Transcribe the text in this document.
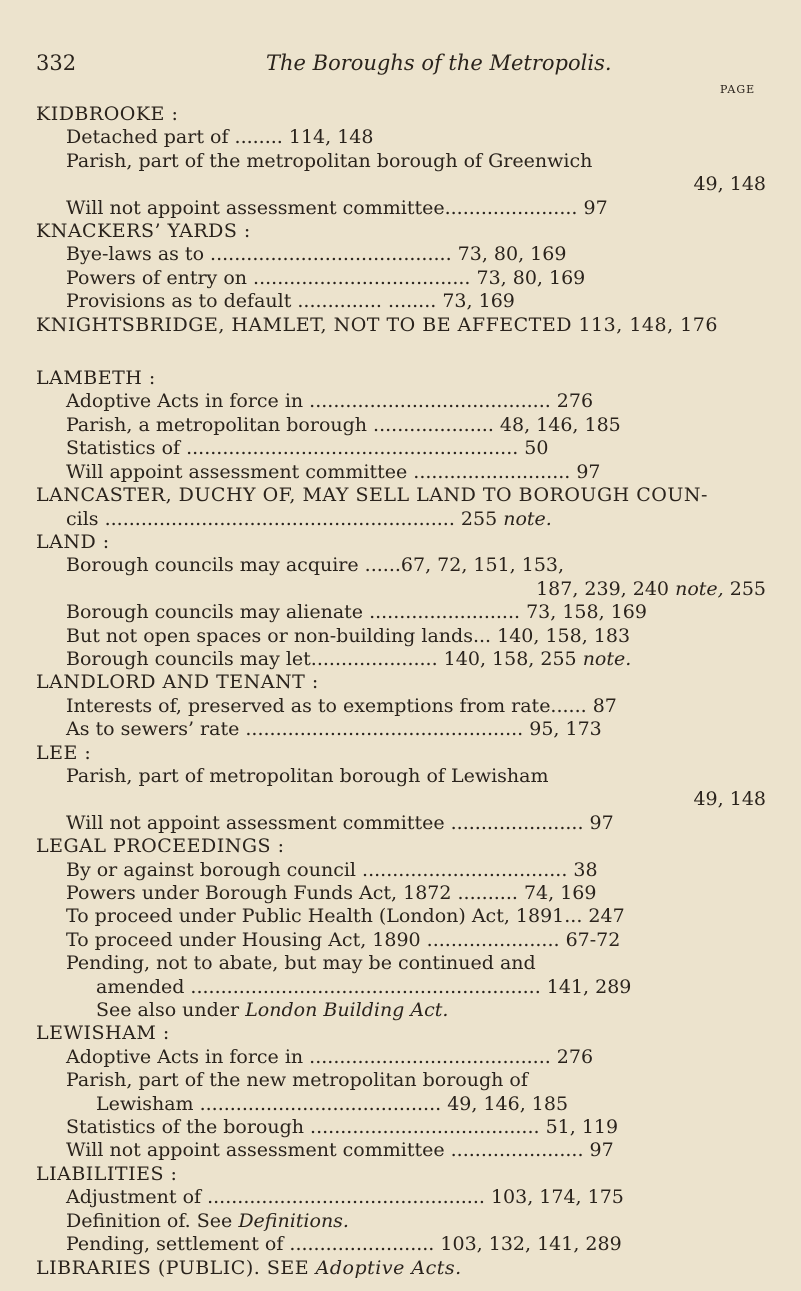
332	The Boroughs of the Metropolis.
PAGE
KIDBROOKE :
Detached part of ........ 114, 148
Parish, part of the metropolitan borough of Greenwich
49, 148
Will not appoint assessment committee...................... 97
KNACKERS’ YARDS :
Bye-laws as to ........................................ 73, 80, 169
Powers of entry on .................................... 73, 80, 169
Provisions as to default .............. ........ 73, 169
KNIGHTSBRIDGE, HAMLET, NOT TO BE AFFECTED 113, 148, 176
LAMBETH :
Adoptive Acts in force in ........................................ 276
Parish, a metropolitan borough .................... 48, 146, 185
Statistics of ....................................................... 50
Will appoint assessment committee .......................... 97
LANCASTER, DUCHY OF, MAY SELL LAND TO BOROUGH COUN-
cils .......................................................... 255 note.
LAND :
Borough councils may acquire ......67, 72, 151, 153,
187, 239, 240 note, 255
Borough councils may alienate ......................... 73, 158, 169
But not open spaces or non-building lands... 140, 158, 183
Borough councils may let..................... 140, 158, 255 note.
LANDLORD AND TENANT :
Interests of, preserved as to exemptions from rate...... 87
As to sewers’ rate .............................................. 95, 173
LEE :
Parish, part of metropolitan borough of Lewisham
49, 148
Will not appoint assessment committee ...................... 97
LEGAL PROCEEDINGS :
By or against borough council .................................. 38
Powers under Borough Funds Act, 1872 .......... 74, 169
To proceed under Public Health (London) Act, 1891... 247
To proceed under Housing Act, 1890 ...................... 67-72
Pending, not to abate, but may be continued and
amended .......................................................... 141, 289
See also under London Building Act.
LEWISHAM :
Adoptive Acts in force in ........................................ 276
Parish, part of the new metropolitan borough of
Lewisham ........................................ 49, 146, 185
Statistics of the borough ...................................... 51, 119
Will not appoint assessment committee ...................... 97
LIABILITIES :
Adjustment of .............................................. 103, 174, 175
Definition of. See Definitions.
Pending, settlement of ........................ 103, 132, 141, 289
LIBRARIES (PUBLIC). SEE Adoptive Acts.
